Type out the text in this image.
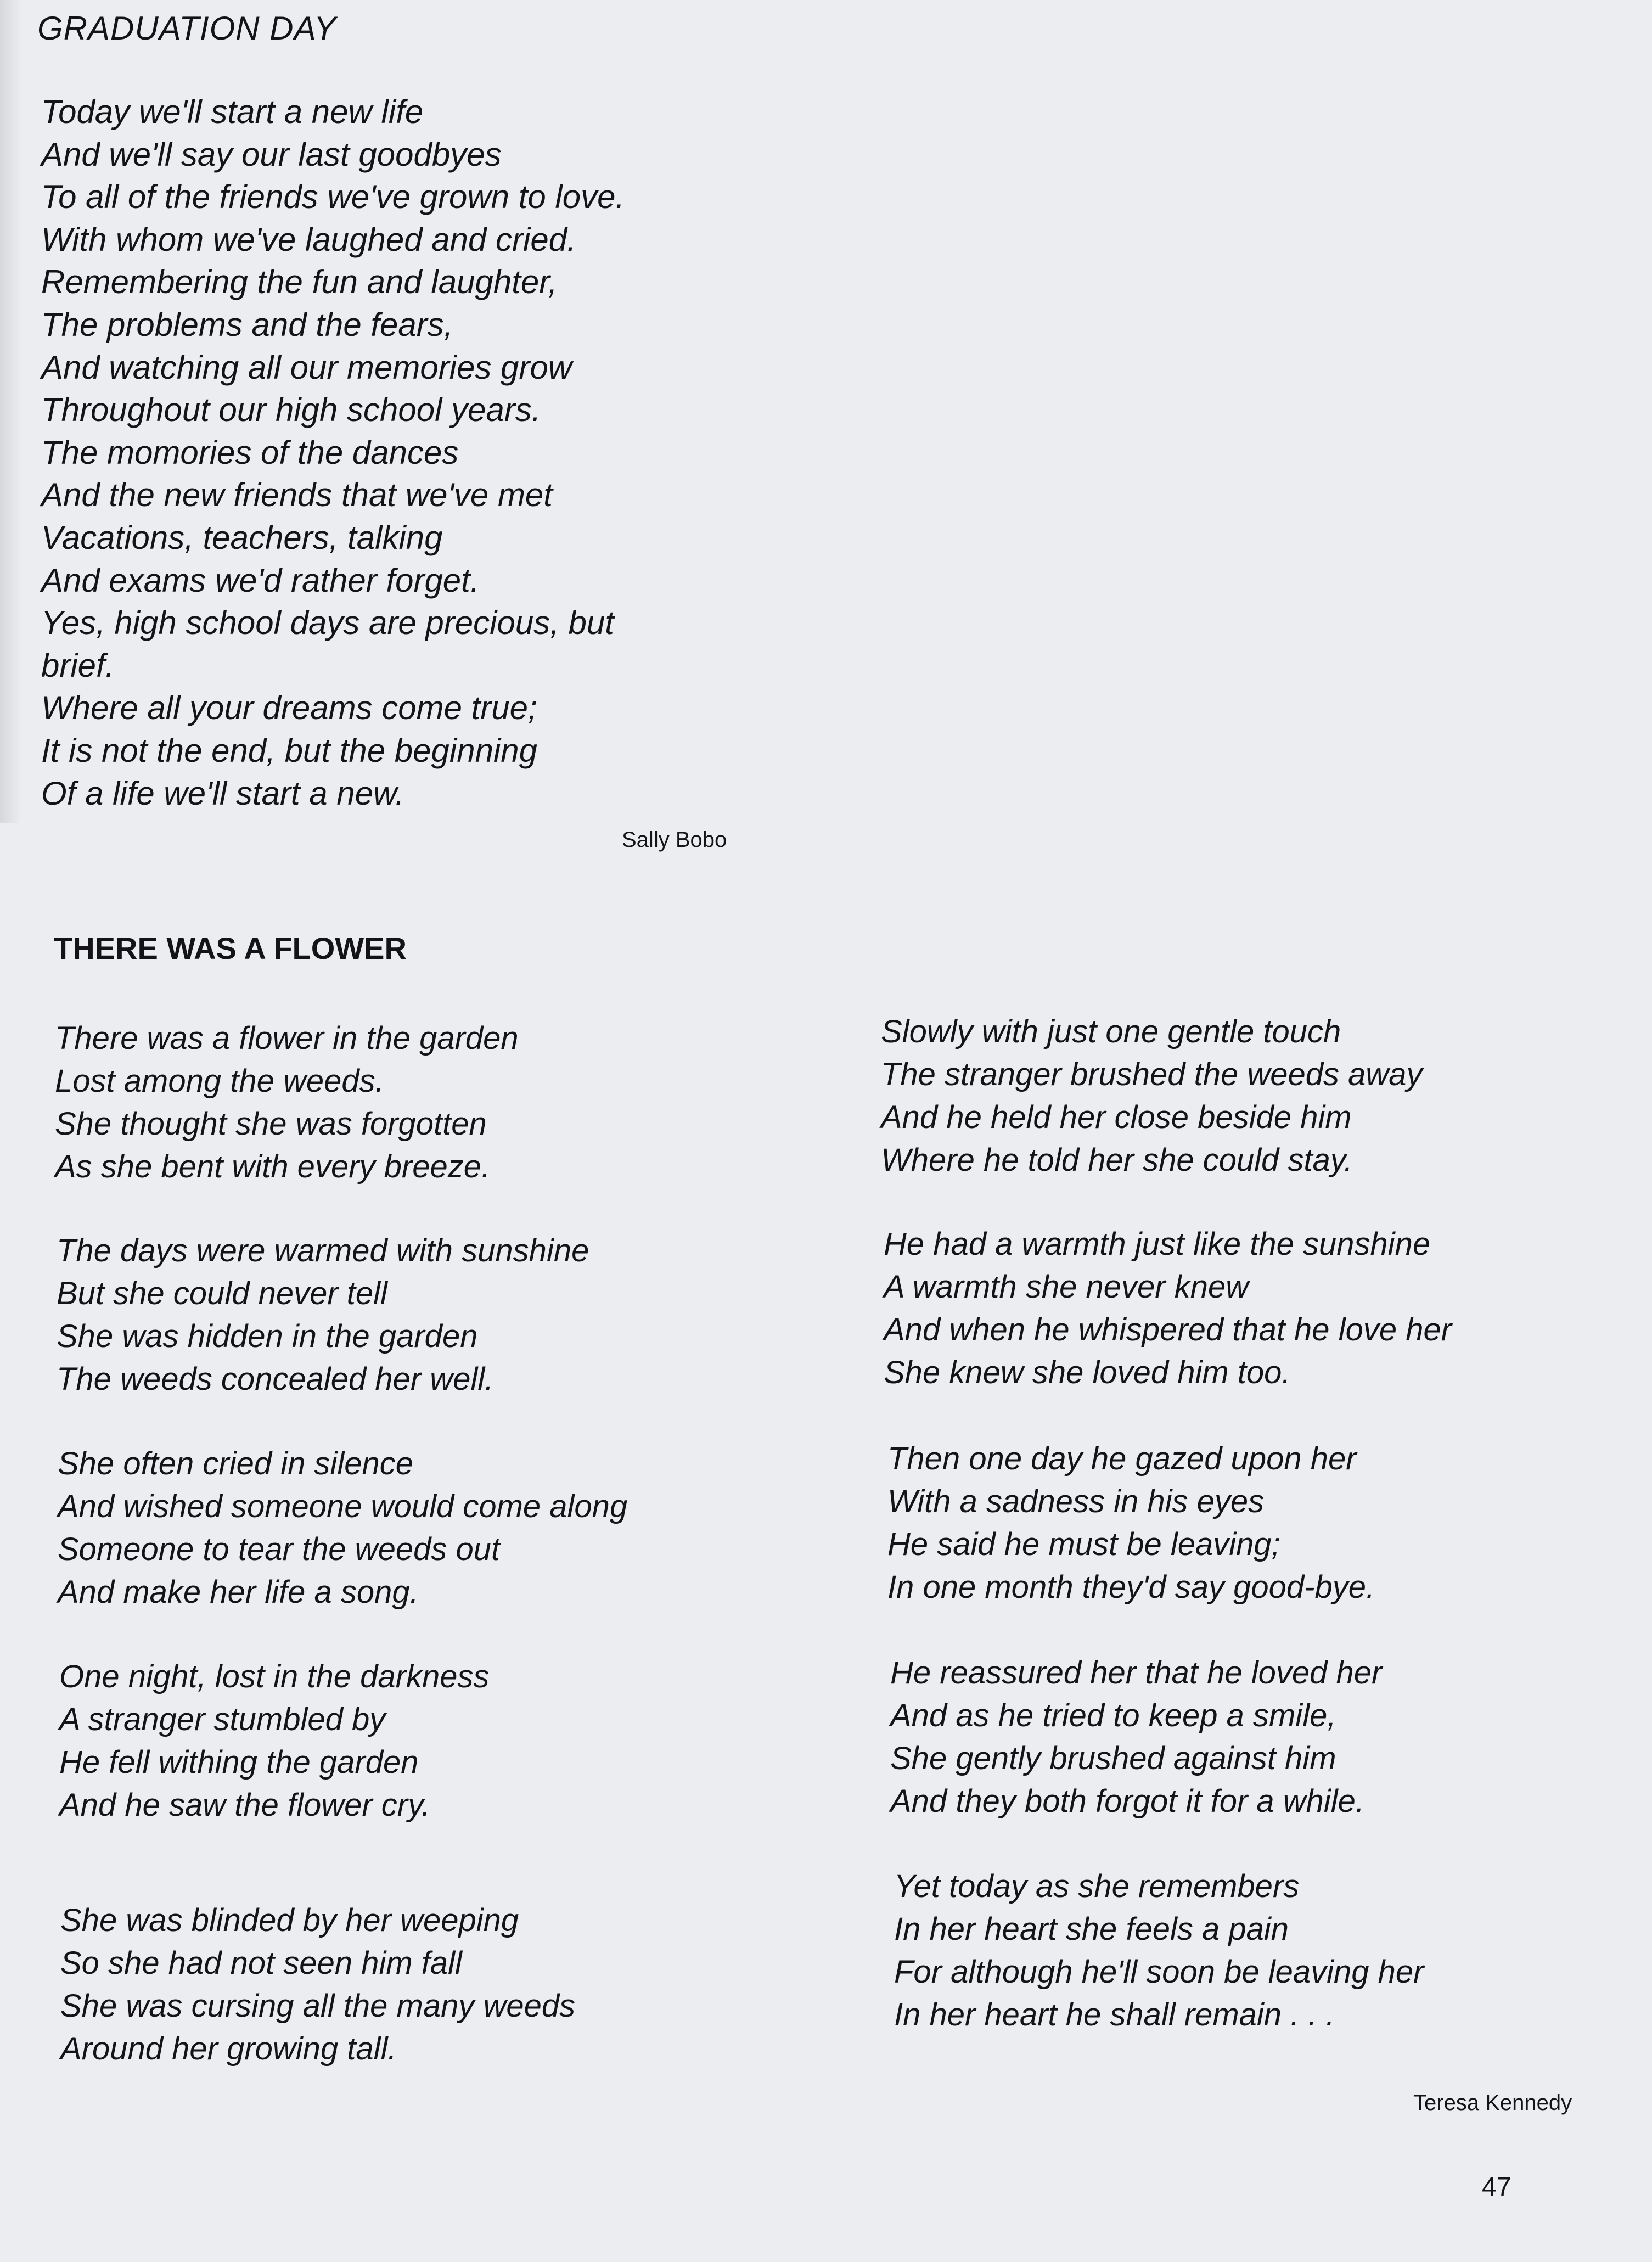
GRADUATION DAY
Today we'll start a new life
And we'll say our last goodbyes
To all of the friends we've grown to love.
With whom we've laughed and cried.
Remembering the fun and laughter,
The problems and the fears,
And watching all our memories grow
Throughout our high school years.
The momories of the dances
And the new friends that we've met
Vacations, teachers, talking
And exams we'd rather forget.
Yes, high school days are precious, but
brief.
Where all your dreams come true;
It is not the end, but the beginning
Of a life we'll start a new.
Sally Bobo
THERE WAS A FLOWER
There was a flower in the garden
Lost among the weeds.
She thought she was forgotten
As she bent with every breeze.
The days were warmed with sunshine
But she could never tell
She was hidden in the garden
The weeds concealed her well.
She often cried in silence
And wished someone would come along
Someone to tear the weeds out
And make her life a song.
One night, lost in the darkness
A stranger stumbled by
He fell withing the garden
And he saw the flower cry.
She was blinded by her weeping
So she had not seen him fall
She was cursing all the many weeds
Around her growing tall.
Slowly with just one gentle touch
The stranger brushed the weeds away
And he held her close beside him
Where he told her she could stay.
He had a warmth just like the sunshine
A warmth she never knew
And when he whispered that he love her
She knew she loved him too.
Then one day he gazed upon her
With a sadness in his eyes
He said he must be leaving;
In one month they'd say good-bye.
He reassured her that he loved her
And as he tried to keep a smile,
She gently brushed against him
And they both forgot it for a while.
Yet today as she remembers
In her heart she feels a pain
For although he'll soon be leaving her
In her heart he shall remain . . .
Teresa Kennedy
47
